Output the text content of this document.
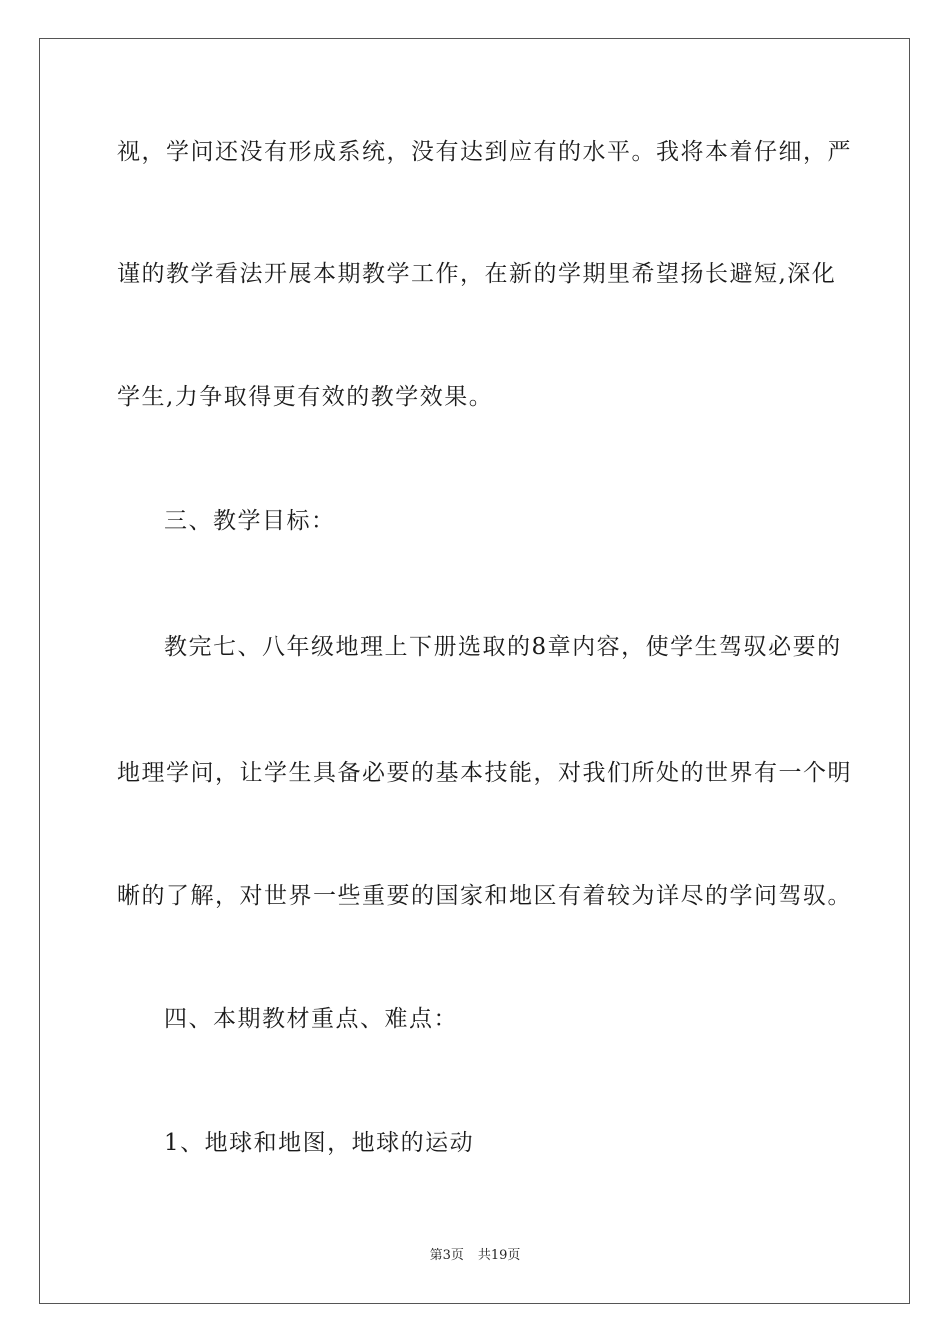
视，学问还没有形成系统，没有达到应有的水平。我将本着仔细，严
谨的教学看法开展本期教学工作，在新的学期里希望扬长避短,深化
学生,力争取得更有效的教学效果。
三、教学目标：
教完七、八年级地理上下册选取的8章内容，使学生驾驭必要的
地理学问，让学生具备必要的基本技能，对我们所处的世界有一个明
晰的了解，对世界一些重要的国家和地区有着较为详尽的学问驾驭。
四、本期教材重点、难点：
1、地球和地图，地球的运动
第3页 共19页
